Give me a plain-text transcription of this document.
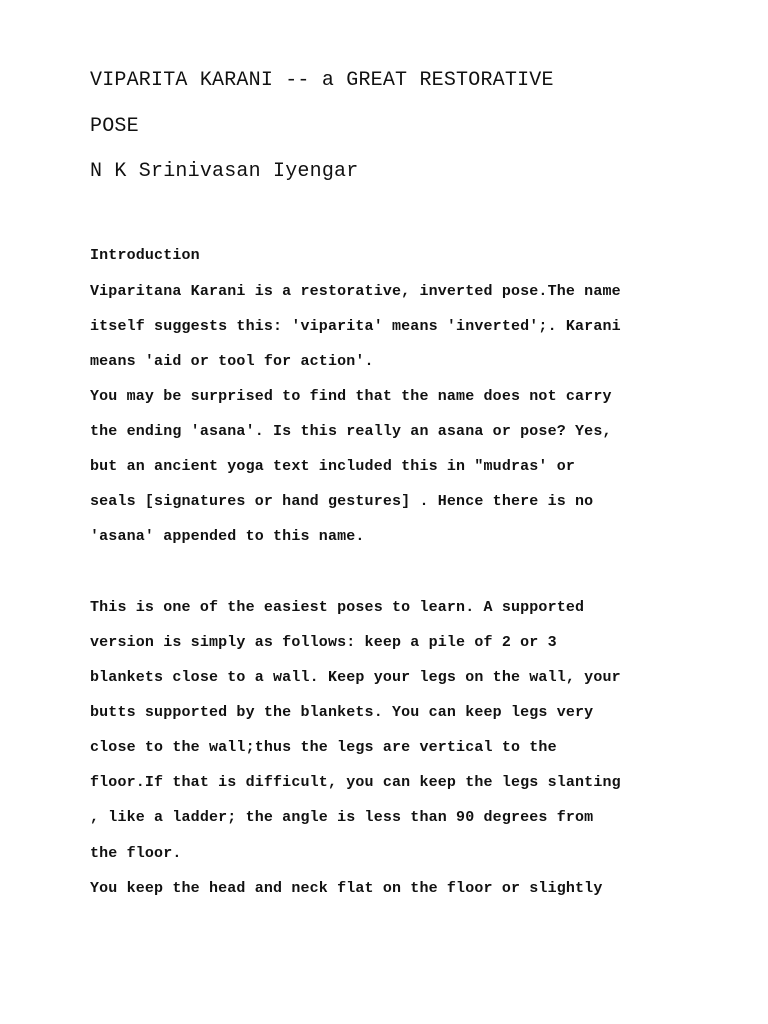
VIPARITA KARANI -- a GREAT RESTORATIVE
POSE
N K Srinivasan Iyengar
Introduction
Viparitana Karani is a restorative, inverted pose.The name
itself suggests this: 'viparita' means 'inverted';. Karani
means 'aid or tool for action'.
You may be surprised to find that the name does not carry
the ending 'asana'. Is this really an asana or pose? Yes,
but an ancient yoga text included this in "mudras' or
seals [signatures or hand gestures] . Hence there is no
'asana' appended to this name.
This is one of the easiest poses to learn. A supported
version is simply as follows: keep a pile of 2 or 3
blankets close to a wall. Keep your legs on the wall, your
butts supported by the blankets. You can keep legs very
close to the wall;thus the legs are vertical to the
floor.If that is difficult, you can keep the legs slanting
, like a ladder; the angle is less than 90 degrees from
the floor.
You keep the head and neck flat on the floor or slightly
